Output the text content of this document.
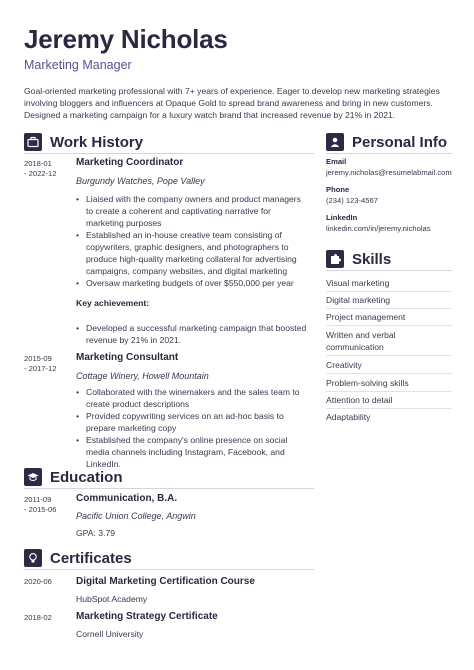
Jeremy Nicholas
Marketing Manager
Goal-oriented marketing professional with 7+ years of experience. Eager to develop new marketing strategies involving bloggers and influencers at Opaque Gold to spread brand awareness and bring in new customers. Designed a marketing campaign for a luxury watch brand that increased revenue by 21% in 2021.
Work History
2018-01
- 2022-12
Marketing Coordinator
Burgundy Watches, Pope Valley
• Liaised with the company owners and product managers to create a coherent and captivating narrative for marketing purposes
• Established an in-house creative team consisting of copywriters, graphic designers, and photographers to produce high-quality marketing collateral for advertising campaigns, company websites, and digital marketing
• Oversaw marketing budgets of over $550,000 per year
Key achievement:
• Developed a successful marketing campaign that boosted revenue by 21% in 2021.
2015-09
- 2017-12
Marketing Consultant
Cottage Winery, Howell Mountain
• Collaborated with the winemakers and the sales team to create product descriptions
• Provided copywriting services on an ad-hoc basis to prepare marketing copy
• Established the company's online presence on social media channels including Instagram, Facebook, and LinkedIn.
Education
2011-09
- 2015-06
Communication, B.A.
Pacific Union College, Angwin
GPA: 3.79
Certificates
2020-06 Digital Marketing Certification Course
HubSpot Academy
2018-02 Marketing Strategy Certificate
Cornell University
Personal Info
Email
jeremy.nicholas@resumelabmail.com
Phone
(234) 123-4567
LinkedIn
linkedin.com/in/jeremy.nicholas
Skills
Visual marketing
Digital marketing
Project management
Written and verbal communication
Creativity
Problem-solving skills
Attention to detail
Adaptability
